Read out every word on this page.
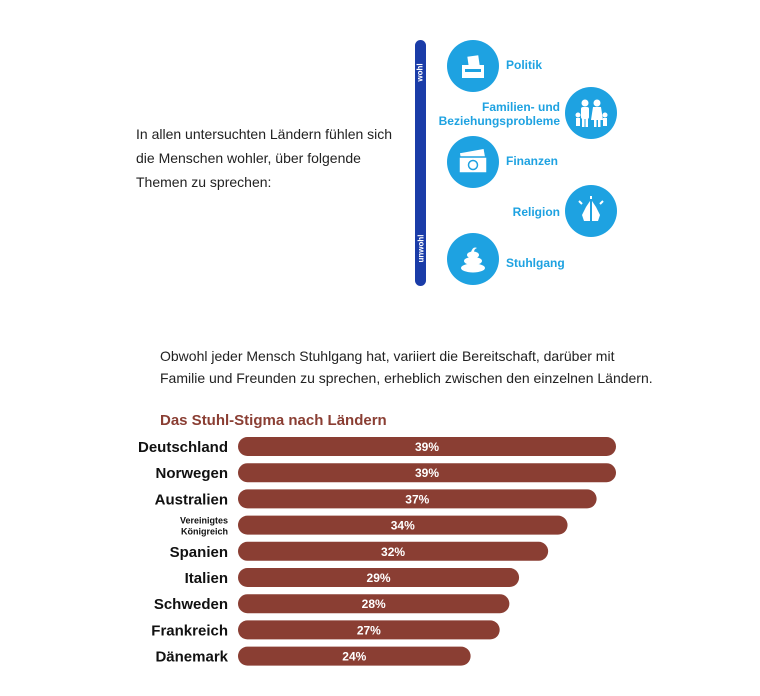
In allen untersuchten Ländern fühlen sich die Menschen wohler, über folgende Themen zu sprechen:
wohl
unwohl
Politik
Familien- und Beziehungsprobleme
Finanzen
Religion
Stuhlgang
Obwohl jeder Mensch Stuhlgang hat, variiert die Bereitschaft, darüber mit Familie und Freunden zu sprechen, erheblich zwischen den einzelnen Ländern.
Das Stuhl-Stigma nach Ländern
39%
Deutschland
39%
Norwegen
37%
Australien
34%
Vereinigtes Königreich
32%
Spanien
29%
Italien
28%
Schweden
27%
Frankreich
24%
Dänemark
